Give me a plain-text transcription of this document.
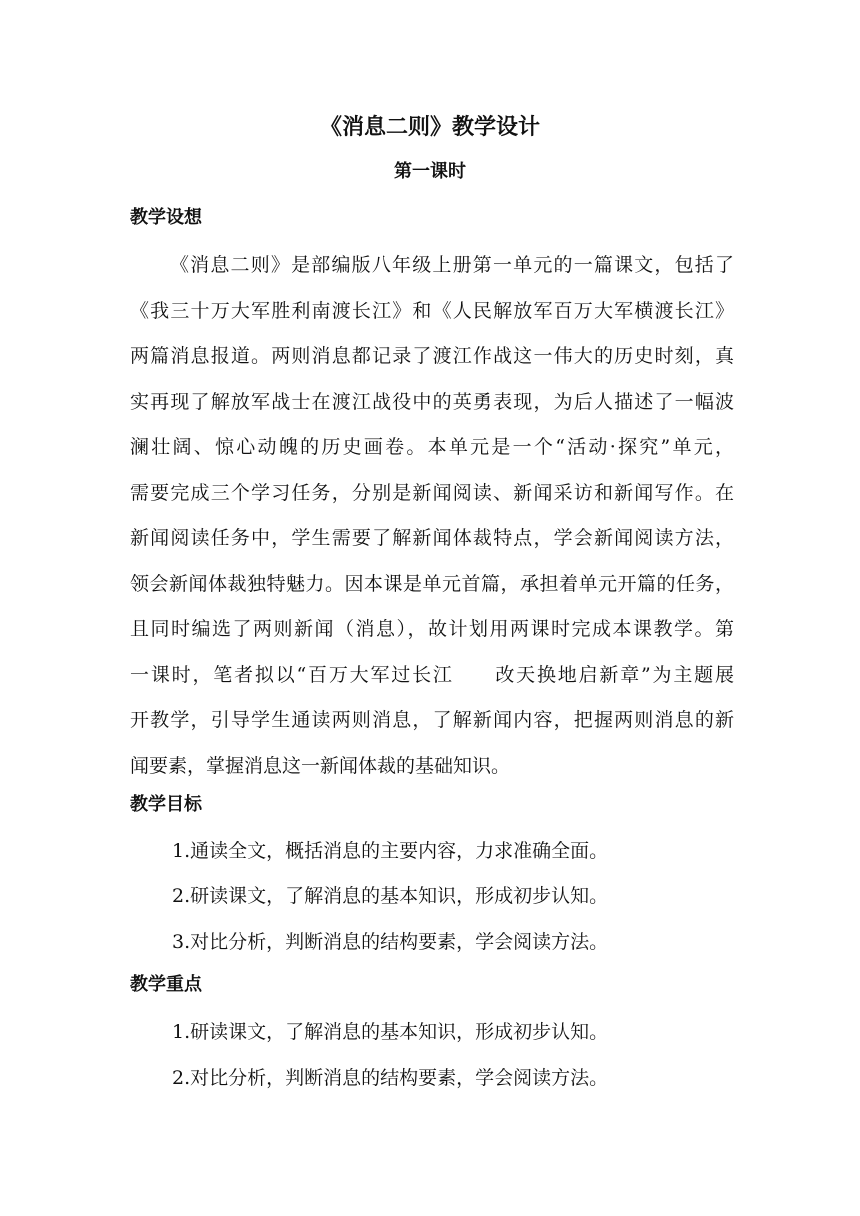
《消息二则》教学设计
第一课时
教学设想
《消息二则》是部编版八年级上册第一单元的一篇课文，包括了
《我三十万大军胜利南渡长江》和《人民解放军百万大军横渡长江》
两篇消息报道。两则消息都记录了渡江作战这一伟大的历史时刻，真
实再现了解放军战士在渡江战役中的英勇表现，为后人描述了一幅波
澜壮阔、惊心动魄的历史画卷。本单元是一个“活动·探究”单元，
需要完成三个学习任务，分别是新闻阅读、新闻采访和新闻写作。在
新闻阅读任务中，学生需要了解新闻体裁特点，学会新闻阅读方法，
领会新闻体裁独特魅力。因本课是单元首篇，承担着单元开篇的任务，
且同时编选了两则新闻（消息），故计划用两课时完成本课教学。第
一课时，笔者拟以“百万大军过长江　　改天换地启新章”为主题展
开教学，引导学生通读两则消息，了解新闻内容，把握两则消息的新
闻要素，掌握消息这一新闻体裁的基础知识。
教学目标

1.通读全文，概括消息的主要内容，力求准确全面。

2.研读课文，了解消息的基本知识，形成初步认知。

3.对比分析，判断消息的结构要素，学会阅读方法。

教学重点

1.研读课文，了解消息的基本知识，形成初步认知。

2.对比分析，判断消息的结构要素，学会阅读方法。
